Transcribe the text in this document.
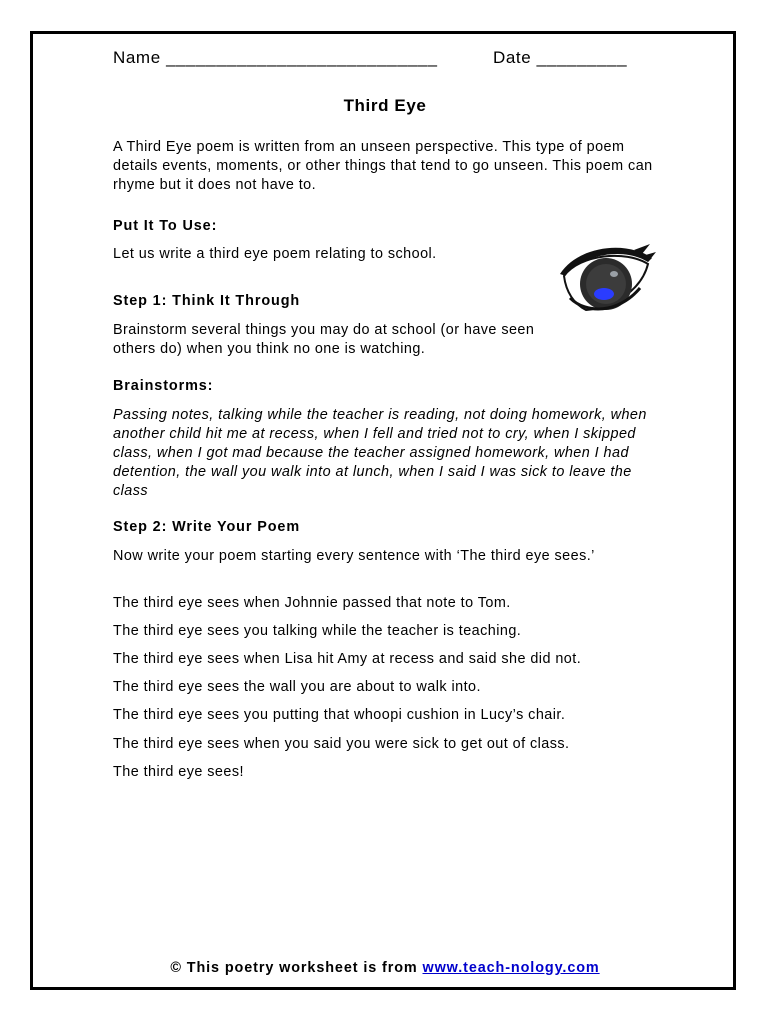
Name ___________________________	Date _________
Third Eye
A Third Eye poem is written from an unseen perspective. This type of poem details events, moments, or other things that tend to go unseen. This poem can rhyme but it does not have to.
Put It To Use:
Let us write a third eye poem relating to school.
Step 1: Think It Through
Brainstorm several things you may do at school (or have seen others do) when you think no one is watching.
Brainstorms:
Passing notes, talking while the teacher is reading, not doing homework, when another child hit me at recess, when I fell and tried not to cry, when I skipped class, when I got mad because the teacher assigned homework, when I had detention, the wall you walk into at lunch, when I said I was sick to leave the class
Step 2: Write Your Poem
Now write your poem starting every sentence with ‘The third eye sees.’
The third eye sees when Johnnie passed that note to Tom.
The third eye sees you talking while the teacher is teaching.
The third eye sees when Lisa hit Amy at recess and said she did not.
The third eye sees the wall you are about to walk into.
The third eye sees you putting that whoopi cushion in Lucy’s chair.
The third eye sees when you said you were sick to get out of class.
The third eye sees!
© This poetry worksheet is from www.teach-nology.com
